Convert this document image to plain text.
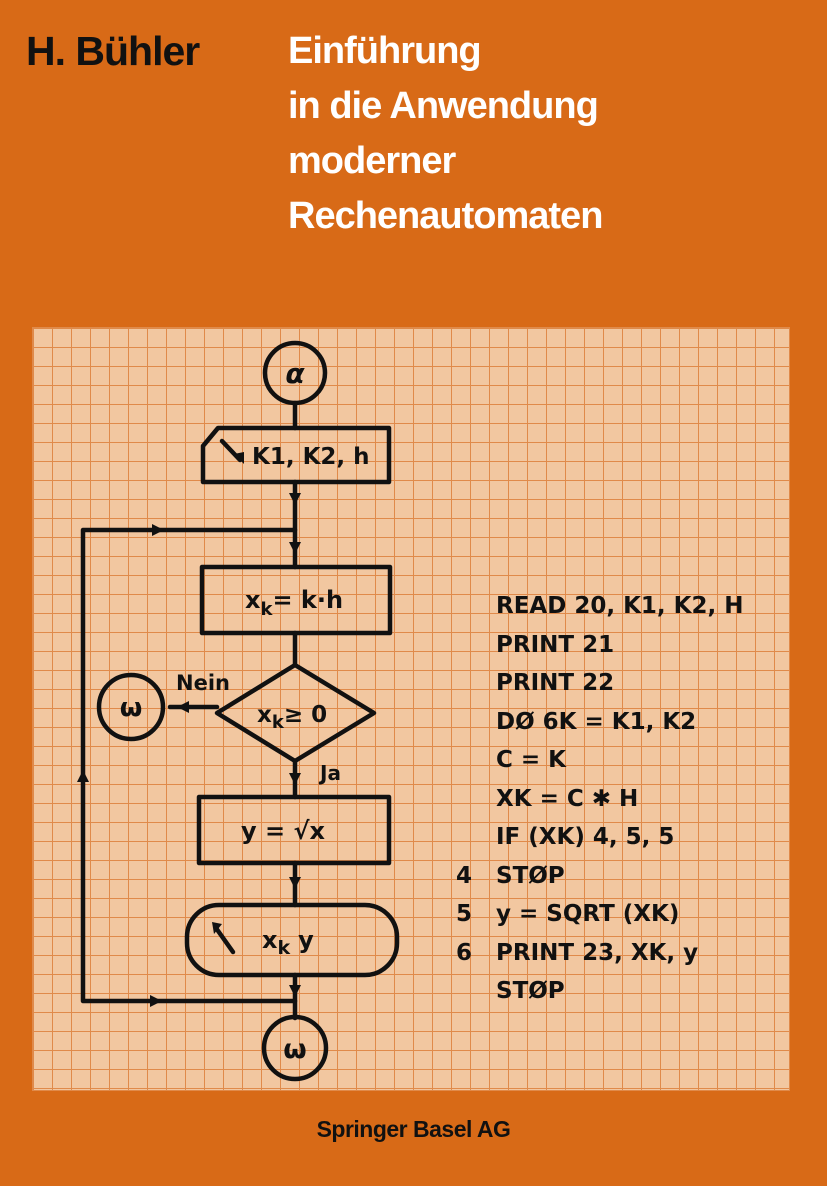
H. Bühler Einführung
in die Anwendung
moderner
Rechenautomaten
α
K1, K2, h
$x_k= k\cdot h$
$x_k\ge 0$
Nein
Ja
ω
y = √x
$x_k$ y
ω
READ 20, K1, K2, H
PRINT 21
PRINT 22
DØ 6K = K1, K2
C = K
XK = C ✱ H
IF (XK) 4, 5, 5
4 STØP
5 y = SQRT (XK)
6 PRINT 23, XK, y
STØP
Springer Basel AG
